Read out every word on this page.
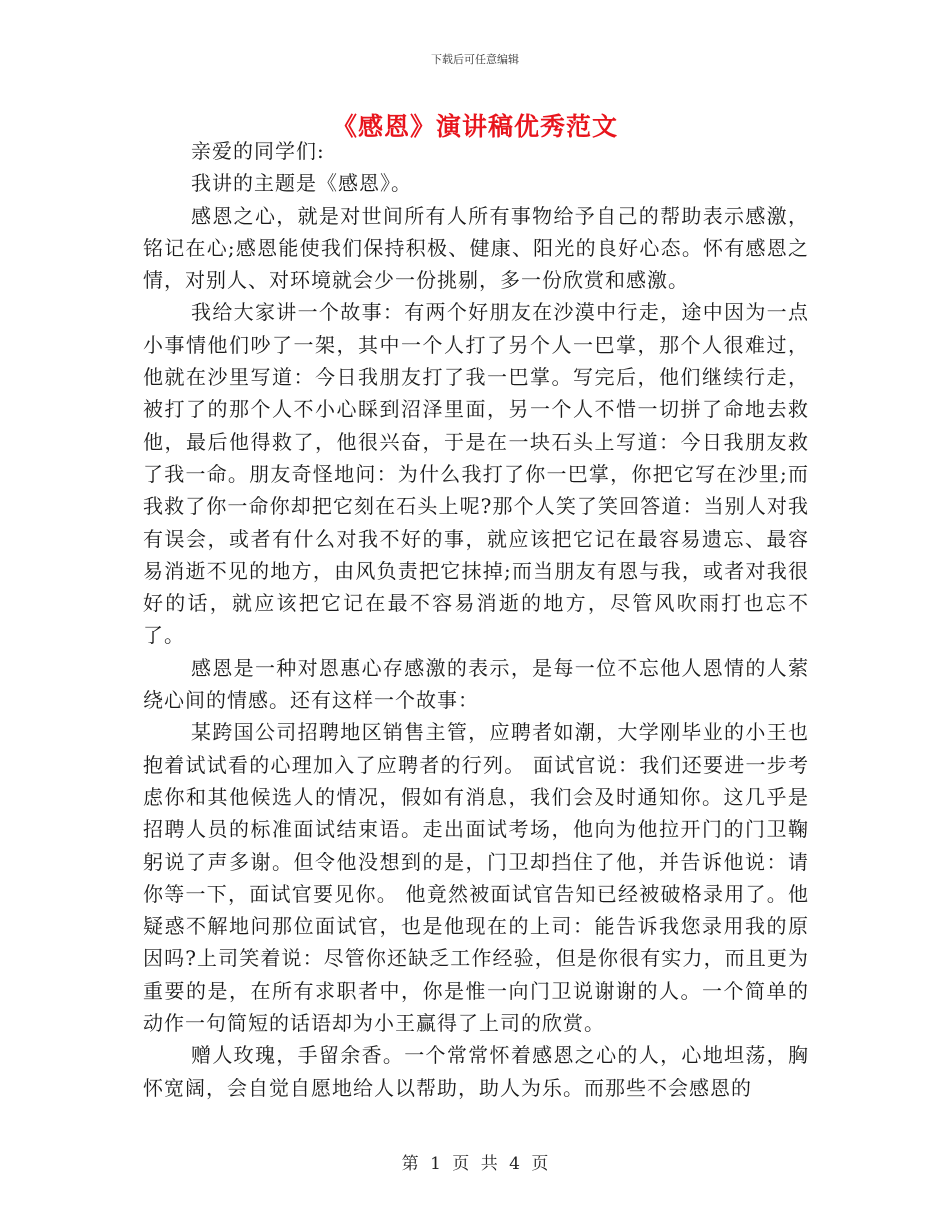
下载后可任意编辑
《感恩》演讲稿优秀范文

亲爱的同学们:

我讲的主题是《感恩》。

感恩之心，就是对世间所有人所有事物给予自己的帮助表示感激，铭记在心;感恩能使我们保持积极、健康、阳光的良好心态。怀有感恩之情，对别人、对环境就会少一份挑剔，多一份欣赏和感激。

我给大家讲一个故事：有两个好朋友在沙漠中行走，途中因为一点小事情他们吵了一架，其中一个人打了另个人一巴掌，那个人很难过，他就在沙里写道：今日我朋友打了我一巴掌。写完后，他们继续行走，被打了的那个人不小心睬到沼泽里面，另一个人不惜一切拼了命地去救他，最后他得救了，他很兴奋，于是在一块石头上写道：今日我朋友救了我一命。朋友奇怪地问：为什么我打了你一巴掌，你把它写在沙里;而我救了你一命你却把它刻在石头上呢?那个人笑了笑回答道：当别人对我有误会，或者有什么对我不好的事，就应该把它记在最容易遗忘、最容易消逝不见的地方，由风负责把它抹掉;而当朋友有恩与我，或者对我很好的话，就应该把它记在最不容易消逝的地方，尽管风吹雨打也忘不了。

感恩是一种对恩惠心存感激的表示，是每一位不忘他人恩情的人萦绕心间的情感。还有这样一个故事：

某跨国公司招聘地区销售主管，应聘者如潮，大学刚毕业的小王也抱着试试看的心理加入了应聘者的行列。 面试官说：我们还要进一步考虑你和其他候选人的情况，假如有消息，我们会及时通知你。这几乎是招聘人员的标准面试结束语。走出面试考场，他向为他拉开门的门卫鞠躬说了声多谢。但令他没想到的是，门卫却挡住了他，并告诉他说：请你等一下，面试官要见你。 他竟然被面试官告知已经被破格录用了。他疑惑不解地问那位面试官，也是他现在的上司：能告诉我您录用我的原因吗?上司笑着说：尽管你还缺乏工作经验，但是你很有实力，而且更为重要的是，在所有求职者中，你是惟一向门卫说谢谢的人。一个简单的动作一句简短的话语却为小王赢得了上司的欣赏。

赠人玫瑰，手留余香。一个常常怀着感恩之心的人，心地坦荡，胸怀宽阔，会自觉自愿地给人以帮助，助人为乐。而那些不会感恩的

第 1 页 共 4 页
